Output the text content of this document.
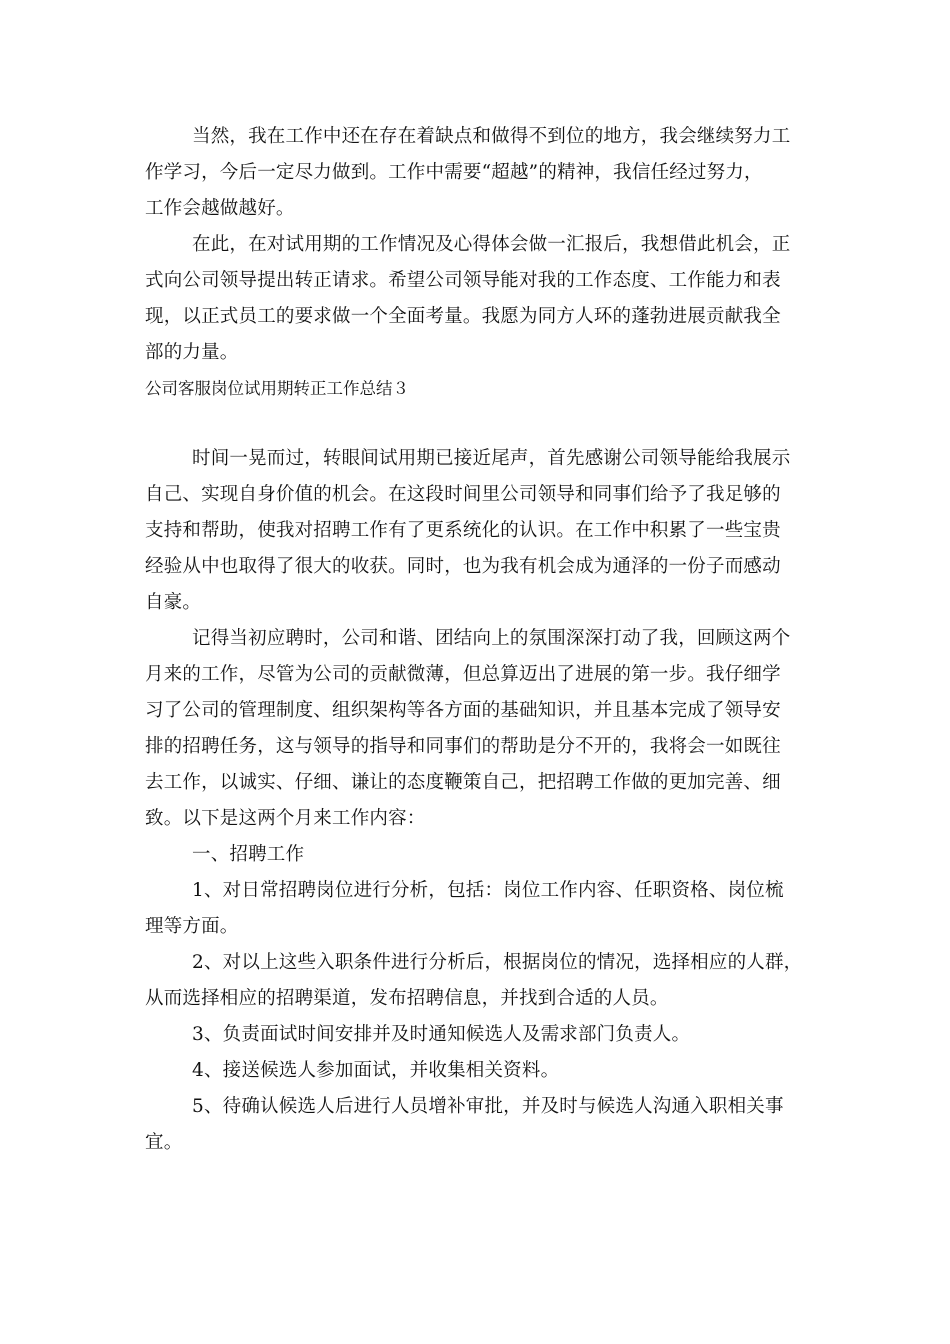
当然，我在工作中还在存在着缺点和做得不到位的地方，我会继续努力工
作学习，今后一定尽力做到。工作中需要“超越”的精神，我信任经过努力，
工作会越做越好。
在此，在对试用期的工作情况及心得体会做一汇报后，我想借此机会，正
式向公司领导提出转正请求。希望公司领导能对我的工作态度、工作能力和表
现，以正式员工的要求做一个全面考量。我愿为同方人环的蓬勃进展贡献我全
部的力量。
公司客服岗位试用期转正工作总结３
时间一晃而过，转眼间试用期已接近尾声，首先感谢公司领导能给我展示
自己、实现自身价值的机会。在这段时间里公司领导和同事们给予了我足够的
支持和帮助，使我对招聘工作有了更系统化的认识。在工作中积累了一些宝贵
经验从中也取得了很大的收获。同时，也为我有机会成为通泽的一份子而感动
自豪。
记得当初应聘时，公司和谐、团结向上的氛围深深打动了我，回顾这两个
月来的工作，尽管为公司的贡献微薄，但总算迈出了进展的第一步。我仔细学
习了公司的管理制度、组织架构等各方面的基础知识，并且基本完成了领导安
排的招聘任务，这与领导的指导和同事们的帮助是分不开的，我将会一如既往
去工作，以诚实、仔细、谦让的态度鞭策自己，把招聘工作做的更加完善、细
致。以下是这两个月来工作内容：
一、招聘工作
1、对日常招聘岗位进行分析，包括：岗位工作内容、任职资格、岗位梳
理等方面。
2、对以上这些入职条件进行分析后，根据岗位的情况，选择相应的人群，
从而选择相应的招聘渠道，发布招聘信息，并找到合适的人员。
3、负责面试时间安排并及时通知候选人及需求部门负责人。
4、接送候选人参加面试，并收集相关资料。
5、待确认候选人后进行人员增补审批，并及时与候选人沟通入职相关事
宜。
